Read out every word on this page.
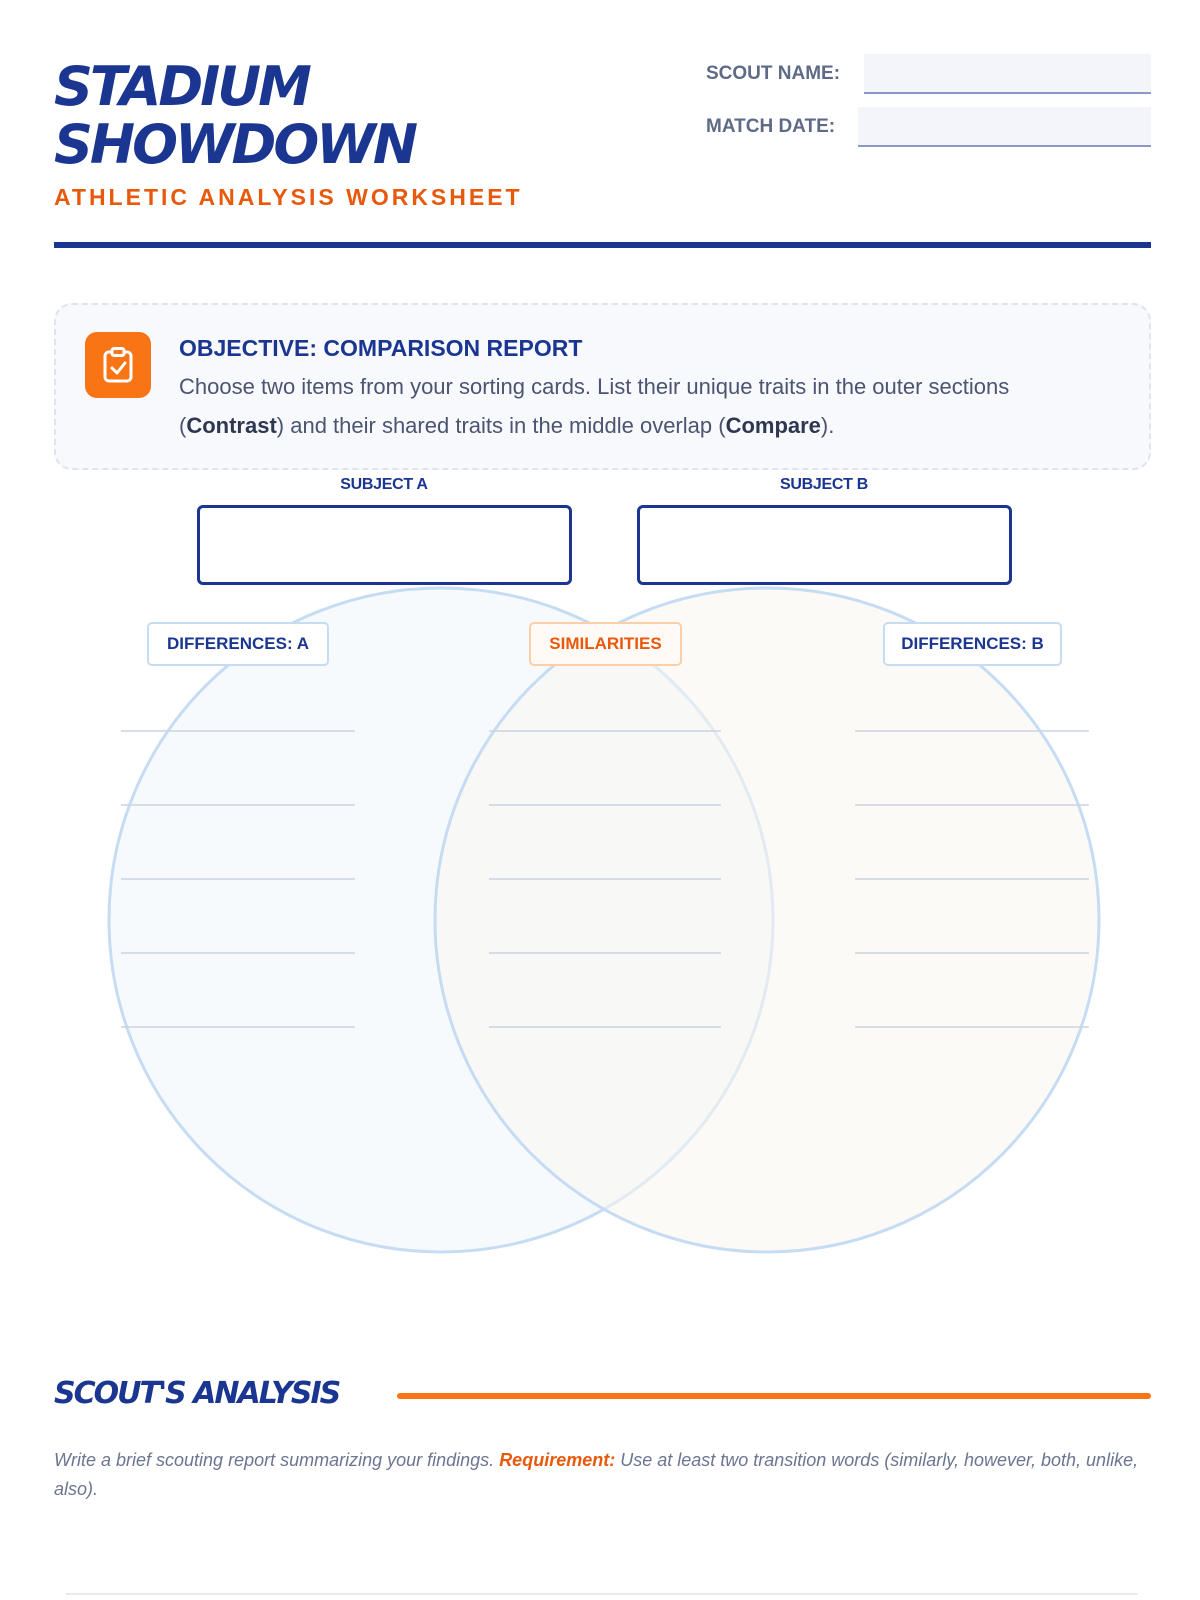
STADIUM
SHOWDOWN
ATHLETIC ANALYSIS WORKSHEET
SCOUT NAME:
MATCH DATE:
OBJECTIVE: COMPARISON REPORT
Choose two items from your sorting cards. List their unique traits in the outer sections (Contrast) and their shared traits in the middle overlap (Compare).
SUBJECT A	SUBJECT B
DIFFERENCES: A	SIMILARITIES	DIFFERENCES: B
SCOUT'S ANALYSIS
Write a brief scouting report summarizing your findings. Requirement: Use at least two transition words (similarly, however, both, unlike, also).
